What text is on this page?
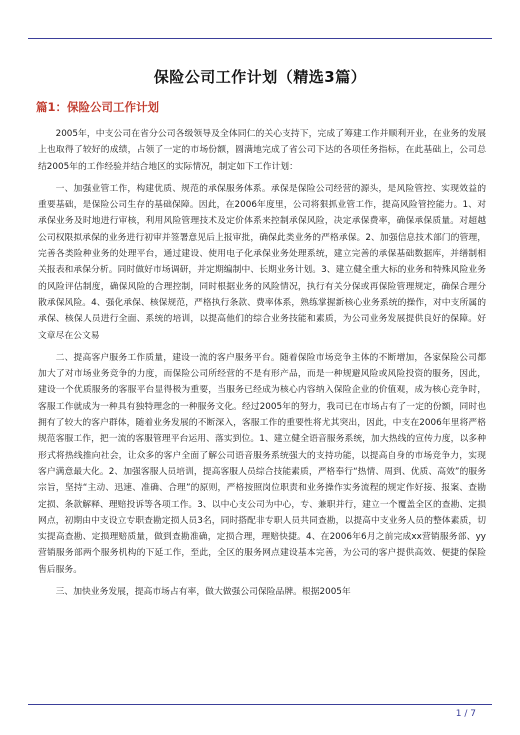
保险公司工作计划（精选3篇）
篇1：保险公司工作计划

2005年，中支公司在省分公司各级领导及全体同仁的关心支持下，完成了筹建工作并顺利开业，在业务的发展上也取得了较好的成绩，占领了一定的市场份额，圆满地完成了省公司下达的各项任务指标，在此基础上，公司总结2005年的工作经验并结合地区的实际情况，制定如下工作计划：

一、加强业管工作，构建优质、规范的承保服务体系。承保是保险公司经营的源头，是风险管控、实现效益的重要基础，是保险公司生存的基础保障。因此，在2006年度里，公司将狠抓业管工作，提高风险管控能力。1、对承保业务及时地进行审核，利用风险管理技术及定价体系来控制承保风险，决定承保费率，确保承保质量。对超越公司权限拟承保的业务进行初审并签署意见后上报审批，确保此类业务的严格承保。2、加强信息技术部门的管理，完善各类险种业务的处理平台，通过建设、使用电子化承保业务处理系统，建立完善的承保基础数据库，并缮制相关报表和承保分析。同时做好市场调研，并定期编制中、长期业务计划。3、建立健全重大标的业务和特殊风险业务的风险评估制度，确保风险的合理控制，同时根据业务的风险情况，执行有关分保或再保险管理规定，确保合理分散承保风险。4、强化承保、核保规范，严格执行条款、费率体系，熟练掌握新核心业务系统的操作，对中支所属的承保、核保人员进行全面、系统的培训，以提高他们的综合业务技能和素质，为公司业务发展提供良好的保障。好文章尽在公文易

二、提高客户服务工作质量，建设一流的客户服务平台。随着保险市场竞争主体的不断增加，各家保险公司都加大了对市场业务竞争的力度，而保险公司所经营的不是有形产品，而是一种规避风险或风险投资的服务，因此，建设一个优质服务的客服平台显得极为重要，当服务已经成为核心内容纳入保险企业的价值观，成为核心竞争时，客服工作就成为一种具有独特理念的一种服务文化。经过2005年的努力，我司已在市场占有了一定的份额，同时也拥有了较大的客户群体，随着业务发展的不断深入，客服工作的重要性将尤其突出，因此，中支在2006年里将严格规范客服工作，把一流的客服管理平台运用、落实到位。1、建立健全语音服务系统，加大热线的宣传力度，以多种形式将热线推向社会，让众多的客户全面了解公司语音服务系统强大的支持功能，以提高自身的市场竞争力，实现客户满意最大化。2、加强客服人员培训，提高客服人员综合技能素质，严格奉行“热情、周到、优质、高效”的服务宗旨，坚持“主动、迅速、准确、合理”的原则，严格按照岗位职责和业务操作实务流程的规定作好接、报案、查勘定损、条款解释、理赔投诉等各项工作。3、以中心支公司为中心，专、兼职并行，建立一个覆盖全区的查勘、定损网点，初期由中支设立专职查勘定损人员3名，同时搭配非专职人员共同查勘，以提高中支业务人员的整体素质，切实提高查勘、定损理赔质量，做到查勘准确，定损合理，理赔快捷。4、在2006年6月之前完成xx营销服务部、yy营销服务部两个服务机构的下延工作，至此，全区的服务网点建设基本完善，为公司的客户提供高效、便捷的保险售后服务。

三、加快业务发展，提高市场占有率，做大做强公司保险品牌。根据2005年

1 / 7
